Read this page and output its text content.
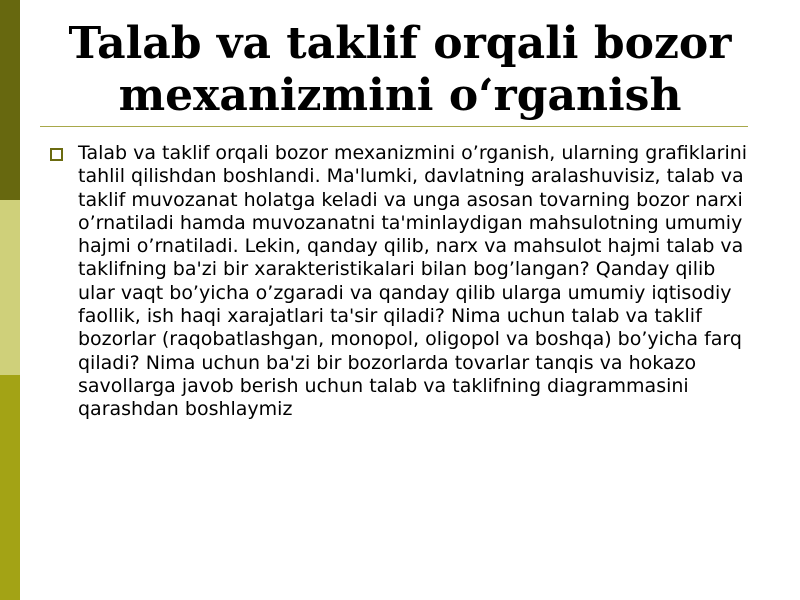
Talab va taklif orqali bozor
mexanizmini oʻrganish

Talab va taklif orqali bozor mexanizmini o’rganish, ularning grafiklarini tahlil qilishdan boshlandi. Ma'lumki, davlatning aralashuvisiz, talab va taklif muvozanat holatga keladi va unga asosan tovarning bozor narxi o’rnatiladi hamda muvozanatni ta'minlaydigan mahsulotning umumiy hajmi o’rnatiladi. Lekin, qanday qilib, narx va mahsulot hajmi talab va taklifning ba'zi bir xarakteristikalari bilan bog’langan? Qanday qilib ular vaqt bo’yicha o’zgaradi va qanday qilib ularga umumiy iqtisodiy faollik, ish haqi xarajatlari ta'sir qiladi? Nima uchun talab va taklif bozorlar (raqobatlashgan, monopol, oligopol va boshqa) bo’yicha farq qiladi? Nima uchun ba'zi bir bozorlarda tovarlar tanqis va hokazo savollarga javob berish uchun talab va taklifning diagrammasini qarashdan boshlaymiz
